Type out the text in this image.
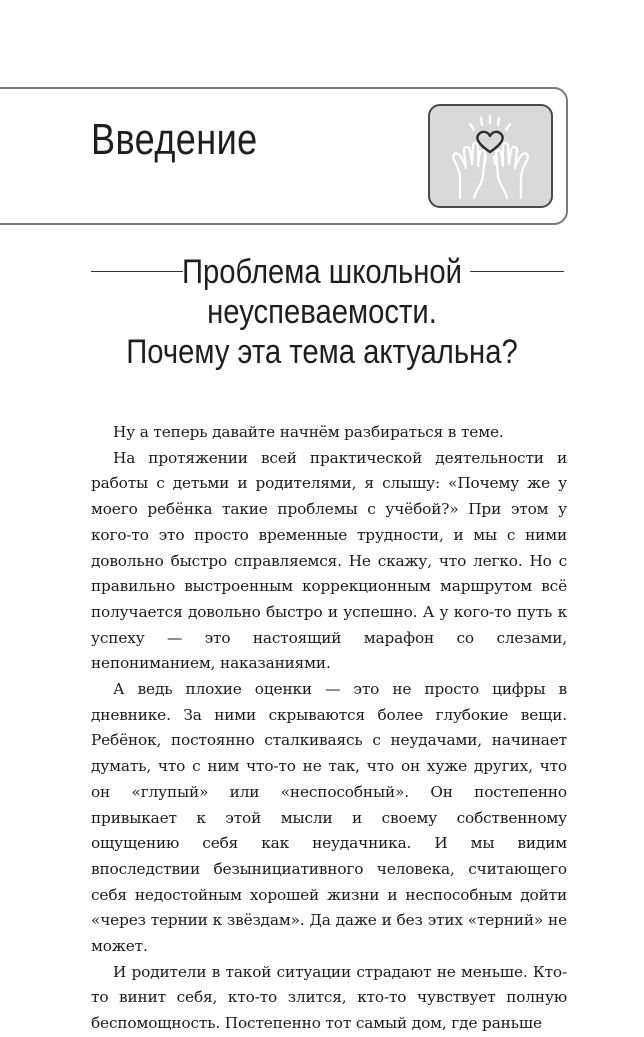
Введение
Проблема школьной
неуспеваемости.
Почему эта тема актуальна?

Ну а теперь давайте начнём разбираться в теме.

На протяжении всей практической деятельности и работы с детьми и родителями, я слышу: «Почему же у моего ребёнка такие проблемы с учёбой?» При этом у кого-то это просто временные трудности, и мы с ними довольно быстро справляемся. Не скажу, что легко. Но с правильно выстроенным коррекционным маршрутом всё получается довольно быстро и успешно. А у кого-то путь к успеху — это настоящий марафон со слезами, непониманием, наказаниями.

А ведь плохие оценки — это не просто цифры в дневнике. За ними скрываются более глубокие вещи. Ребёнок, постоянно сталкиваясь с неудачами, начинает думать, что с ним что-то не так, что он хуже других, что он «глупый» или «неспособный». Он постепенно привыкает к этой мысли и своему собственному ощущению себя как неудачника. И мы видим впоследствии безынициативного человека, считающего себя недостойным хорошей жизни и неспособным дойти «через тернии к звёздам». Да даже и без этих «терний» не может.

И родители в такой ситуации страдают не меньше. Кто-то винит себя, кто-то злится, кто-то чувствует полную беспомощность. Постепенно тот самый дом, где раньше
